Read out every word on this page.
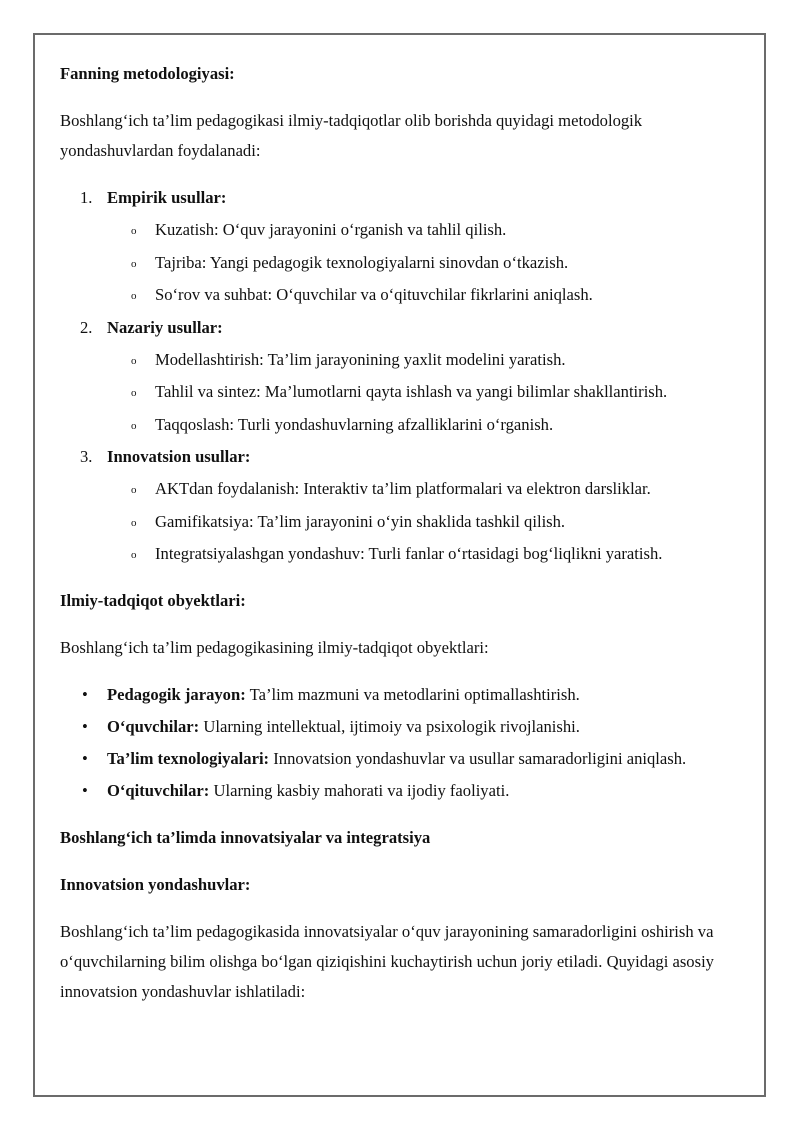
Fanning metodologiyasi:
Boshlang‘ich ta’lim pedagogikasi ilmiy-tadqiqotlar olib borishda quyidagi metodologik yondashuvlardan foydalanadi:
1. Empirik usullar:
o Kuzatish: O‘quv jarayonini o‘rganish va tahlil qilish.
o Tajriba: Yangi pedagogik texnologiyalarni sinovdan o‘tkazish.
o So‘rov va suhbat: O‘quvchilar va o‘qituvchilar fikrlarini aniqlash.
2. Nazariy usullar:
o Modellashtirish: Ta’lim jarayonining yaxlit modelini yaratish.
o Tahlil va sintez: Ma’lumotlarni qayta ishlash va yangi bilimlar shakllantirish.
o Taqqoslash: Turli yondashuvlarning afzalliklarini o‘rganish.
3. Innovatsion usullar:
o AKTdan foydalanish: Interaktiv ta’lim platformalari va elektron darsliklar.
o Gamifikatsiya: Ta’lim jarayonini o‘yin shaklida tashkil qilish.
o Integratsiyalashgan yondashuv: Turli fanlar o‘rtasidagi bog‘liqlikni yaratish.
Ilmiy-tadqiqot obyektlari:
Boshlang‘ich ta’lim pedagogikasining ilmiy-tadqiqot obyektlari:
• Pedagogik jarayon: Ta’lim mazmuni va metodlarini optimallashtirish.
• O‘quvchilar: Ularning intellektual, ijtimoiy va psixologik rivojlanishi.
• Ta’lim texnologiyalari: Innovatsion yondashuvlar va usullar samaradorligini aniqlash.
• O‘qituvchilar: Ularning kasbiy mahorati va ijodiy faoliyati.
Boshlang‘ich ta’limda innovatsiyalar va integratsiya
Innovatsion yondashuvlar:
Boshlang‘ich ta’lim pedagogikasida innovatsiyalar o‘quv jarayonining samaradorligini oshirish va o‘quvchilarning bilim olishga bo‘lgan qiziqishini kuchaytirish uchun joriy etiladi. Quyidagi asosiy innovatsion yondashuvlar ishlatiladi:
